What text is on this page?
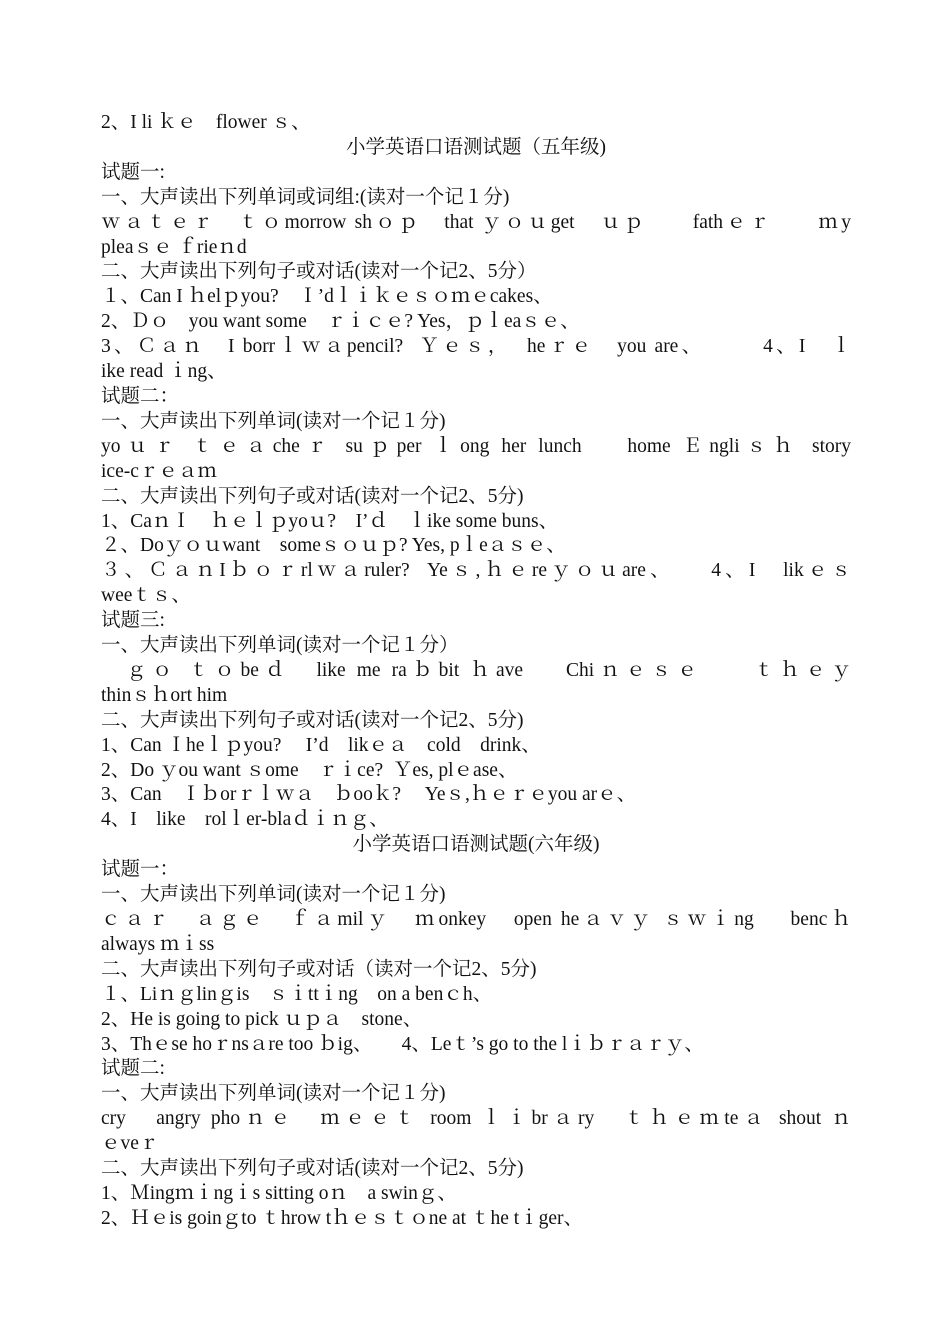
2、I li ｋｅ　flower ｓ、
小学英语口语测试题（五年级)
试题一:
一、大声读出下列单词或词组:(读对一个记１分)
ｗａｔｅｒ　ｔｏmorrow shｏｐ　that ｙｏｕget　ｕｐ　　fathｅｒ　　ｍy
pleaｓｅ ｆrieｎd
二、大声读出下列句子或对话(读对一个记2、5分）
１、Can I ｈelｐyou?　Ｉ’dｌｉｋｅｓｏｍｅcakes、
2、Ｄｏ　you want some　ｒｉｃｅ? Yes，ｐｌeaｓｅ、
3、Ｃａｎ　I borrｌｗａpencil?  Ｙｅｓ，  heｒｅ　you are、　　　4、I　ｌ
ike read ｉng、
试题二：
一、大声读出下列单词(读对一个记１分)
yoｕｒ ｔｅａcheｒ suｐper ｌong her lunch　 home Ｅngliｓｈ story
ice-cｒｅａｍ
二、大声读出下列句子或对话(读对一个记2、5分)
1、CaｎＩ　ｈｅｌｐyoｕ?　I’ｄ　ｌike some buns、
２、Doｙｏｕwant　someｓｏｕｐ? Yes, pｌeａｓｅ、
３、ＣａｎIｂｏｒrlｗａruler?  Yeｓ,ｈｅreｙｏｕare、　　4、I　likｅｓ
weeｔｓ、
试题三:
一、大声读出下列单词(读对一个记１分）
　ｇｏ ｔｏbeｄ　like me raｂbit ｈave　 Chiｎｅｓｅ　　ｔｈｅｙ
thinｓｈort him
二、大声读出下列句子或对话(读对一个记2、5分)
1、Can Ｉheｌｐyou?　 I’d　likｅａ　cold　drink、
2、Do ｙou want ｓome　ｒｉce?  Ｙes, plｅase、
3、Can　Ｉｂorｒｌｗａ　ｂooｋ?　 Yeｓ,ｈｅｒｅyou arｅ、
4、I　like　rolｌer-blaｄｉｎｇ、
小学英语口语测试题(六年级)
试题一：
一、大声读出下列单词(读对一个记１分)
ｃａｒ　ａｇｅ　ｆａmilｙ　ｍonkey　open heａｖｙ ｓｗｉng　 bencｈ
always ｍｉss
二、大声读出下列句子或对话（读对一个记2、5分)
１、Liｎｇlinｇis　ｓｉttｉng　on a benｃh、
2、He is going to pick ｕｐａ　stone、
3、Thｅse hoｒnsａre too ｂig、　　4、Leｔ’s go to the lｉｂｒａｒｙ、
试题二:
一、大声读出下列单词(读对一个记１分)
cry　angry phoｎｅ　ｍｅｅｔ room ｌｉbrａry　ｔｈｅｍteａ shout ｎ
ｅveｒ
二、大声读出下列句子或对话(读对一个记2、5分)
1、Ｍingｍｉngｉs sitting oｎ　a swinｇ、
2、Ｈｅis goinｇto ｔhrow tｈｅｓｔｏne at ｔhe tｉger、
